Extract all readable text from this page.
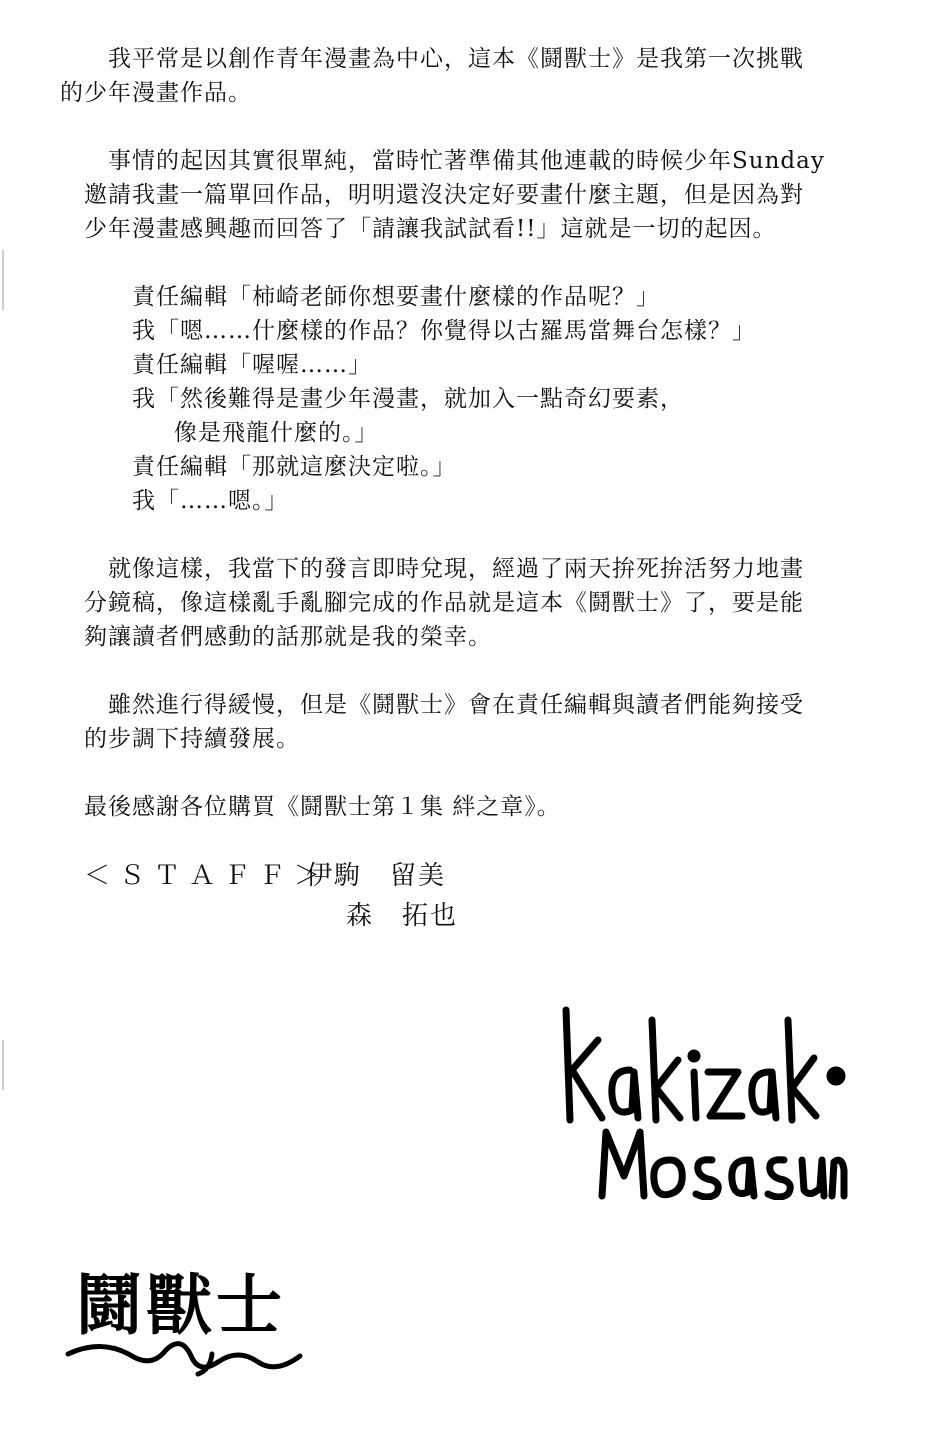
我平常是以創作青年漫畫為中心，這本《鬪獸士》是我第一次挑戰
的少年漫畫作品。

事情的起因其實很單純，當時忙著準備其他連載的時候少年Sunday
邀請我畫一篇單回作品，明明還沒決定好要畫什麼主題，但是因為對
少年漫畫感興趣而回答了「請讓我試試看!!」這就是一切的起因。

責任編輯「柿崎老師你想要畫什麼樣的作品呢？」
我「嗯……什麼樣的作品？你覺得以古羅馬當舞台怎樣？」
責任編輯「喔喔……」
我「然後難得是畫少年漫畫，就加入一點奇幻要素，
像是飛龍什麼的。」
責任編輯「那就這麼決定啦。」
我「……嗯。」

就像這樣，我當下的發言即時兌現，經過了兩天拚死拚活努力地畫
分鏡稿，像這樣亂手亂腳完成的作品就是這本《鬪獸士》了，要是能
夠讓讀者們感動的話那就是我的榮幸。

雖然進行得緩慢，但是《鬪獸士》會在責任編輯與讀者們能夠接受
的步調下持續發展。

最後感謝各位購買《鬪獸士第１集 絆之章》。

＜ＳＴＡＦＦ＞
伊駒　留美
森　拓也
鬪獸士
